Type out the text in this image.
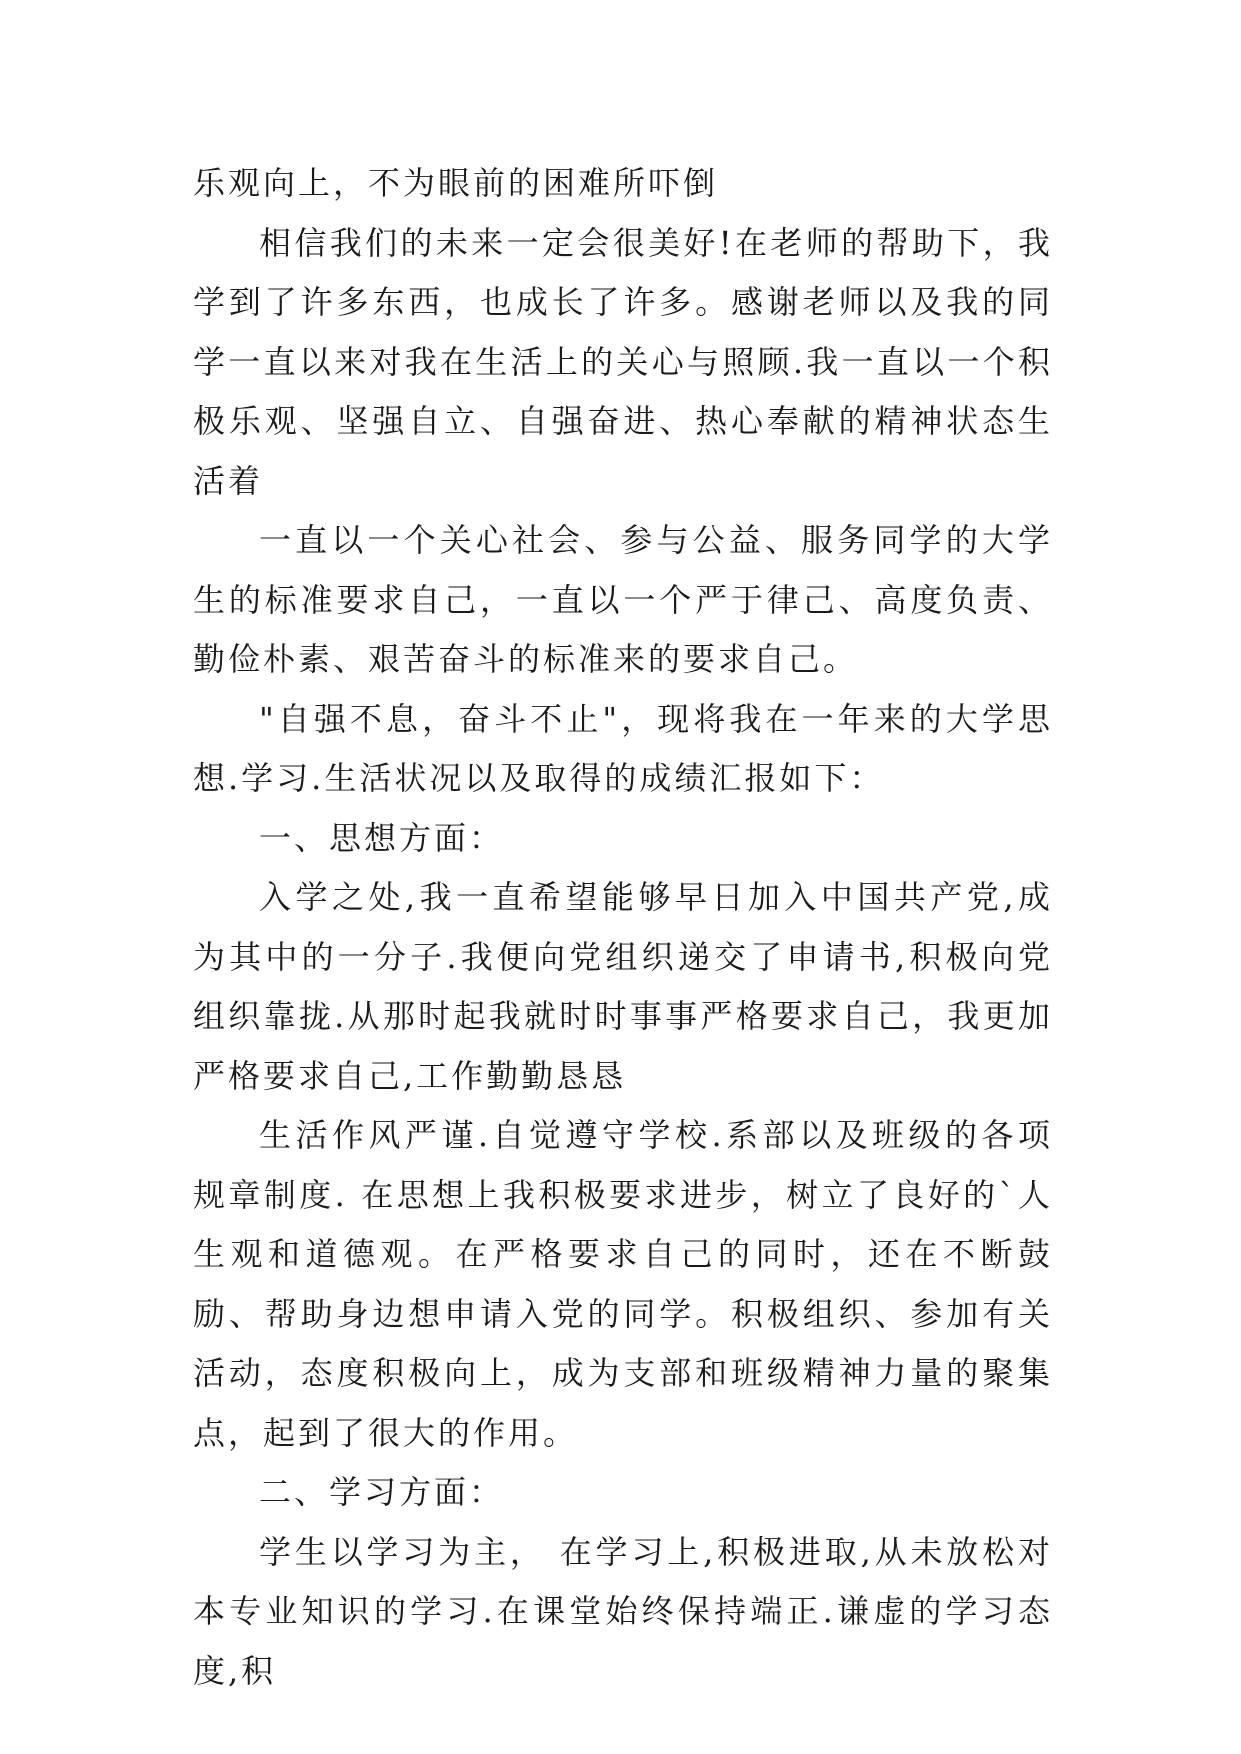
乐观向上，不为眼前的困难所吓倒

相信我们的未来一定会很美好!在老师的帮助下，我学到了许多东西，也成长了许多。感谢老师以及我的同学一直以来对我在生活上的关心与照顾.我一直以一个积极乐观、坚强自立、自强奋进、热心奉献的精神状态生活着

一直以一个关心社会、参与公益、服务同学的大学生的标准要求自己，一直以一个严于律己、高度负责、勤俭朴素、艰苦奋斗的标准来的要求自己。

"自强不息，奋斗不止"，现将我在一年来的大学思想.学习.生活状况以及取得的成绩汇报如下：

一、思想方面：

入学之处,我一直希望能够早日加入中国共产党,成为其中的一分子.我便向党组织递交了申请书,积极向党组织靠拢.从那时起我就时时事事严格要求自己，我更加严格要求自己,工作勤勤恳恳

生活作风严谨.自觉遵守学校.系部以及班级的各项规章制度. 在思想上我积极要求进步，树立了良好的`人生观和道德观。在严格要求自己的同时，还在不断鼓励、帮助身边想申请入党的同学。积极组织、参加有关活动，态度积极向上，成为支部和班级精神力量的聚集点，起到了很大的作用。

二、学习方面：

学生以学习为主， 在学习上,积极进取,从未放松对本专业知识的学习.在课堂始终保持端正.谦虚的学习态度,积
